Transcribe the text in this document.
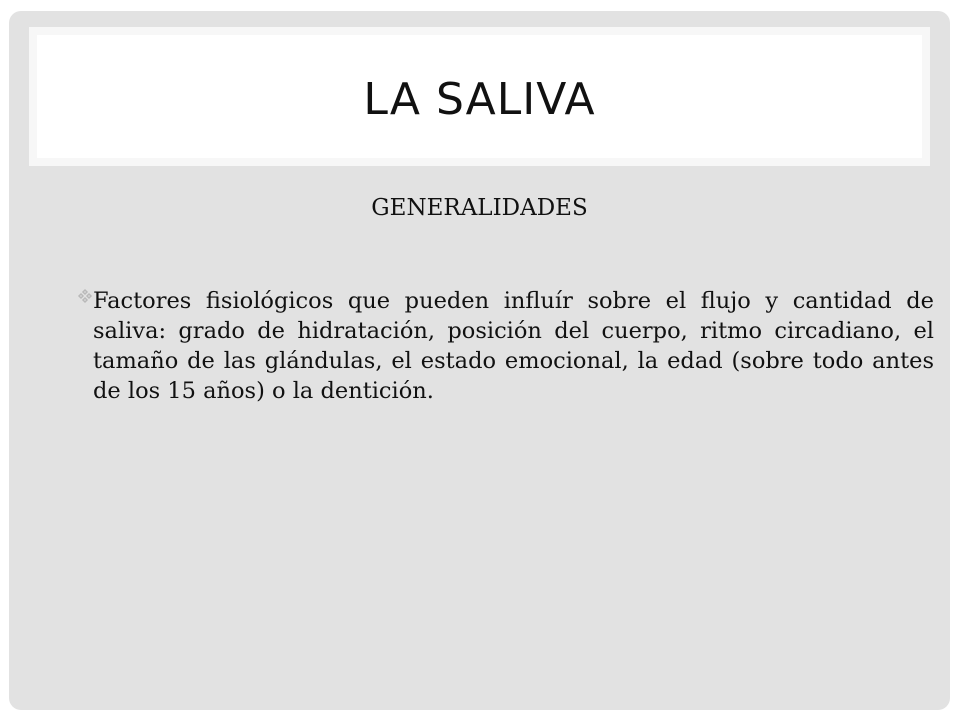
LA SALIVA
GENERALIDADES
Factores fisiológicos que pueden influír sobre el flujo y cantidad de saliva: grado de hidratación, posición del cuerpo, ritmo circadiano, el tamaño de las glándulas, el estado emocional, la edad (sobre todo antes de los 15 años) o la dentición.
